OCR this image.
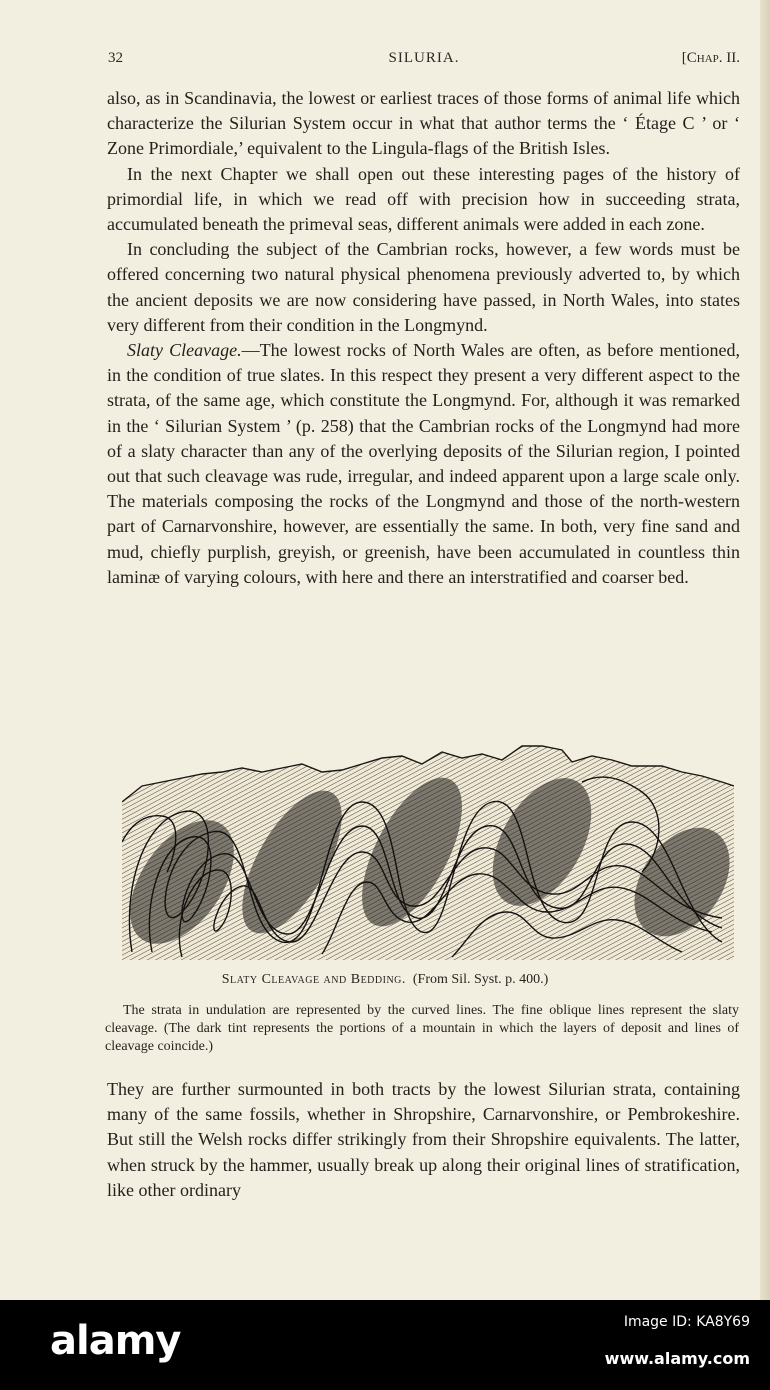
32	SILURIA.	[Chap. II.

also, as in Scandinavia, the lowest or earliest traces of those forms of animal life which characterize the Silurian System occur in what that author terms the ‘ Étage C ’ or ‘ Zone Primordiale,’ equivalent to the Lingula-flags of the British Isles.

In the next Chapter we shall open out these interesting pages of the history of primordial life, in which we read off with precision how in succeeding strata, accumulated beneath the primeval seas, different animals were added in each zone.

In concluding the subject of the Cambrian rocks, however, a few words must be offered concerning two natural physical phenomena previously adverted to, by which the ancient deposits we are now considering have passed, in North Wales, into states very different from their condition in the Longmynd.

Slaty Cleavage.—The lowest rocks of North Wales are often, as before mentioned, in the condition of true slates. In this respect they present a very different aspect to the strata, of the same age, which constitute the Longmynd. For, although it was remarked in the ‘ Silurian System ’ (p. 258) that the Cambrian rocks of the Longmynd had more of a slaty character than any of the overlying deposits of the Silurian region, I pointed out that such cleavage was rude, irregular, and indeed apparent upon a large scale only. The materials composing the rocks of the Longmynd and those of the north-western part of Carnarvonshire, however, are essentially the same. In both, very fine sand and mud, chiefly purplish, greyish, or greenish, have been accumulated in countless thin laminæ of varying colours, with here and there an interstratified and coarser bed.

Slaty Cleavage and Bedding. (From Sil. Syst. p. 400.)

The strata in undulation are represented by the curved lines. The fine oblique lines represent the slaty cleavage. (The dark tint represents the portions of a mountain in which the layers of deposit and lines of cleavage coincide.)

They are further surmounted in both tracts by the lowest Silurian strata, containing many of the same fossils, whether in Shropshire, Carnarvonshire, or Pembrokeshire. But still the Welsh rocks differ strikingly from their Shropshire equivalents. The latter, when struck by the hammer, usually break up along their original lines of stratification, like other ordinary

alamy	Image ID: KA8Y69
www.alamy.com
